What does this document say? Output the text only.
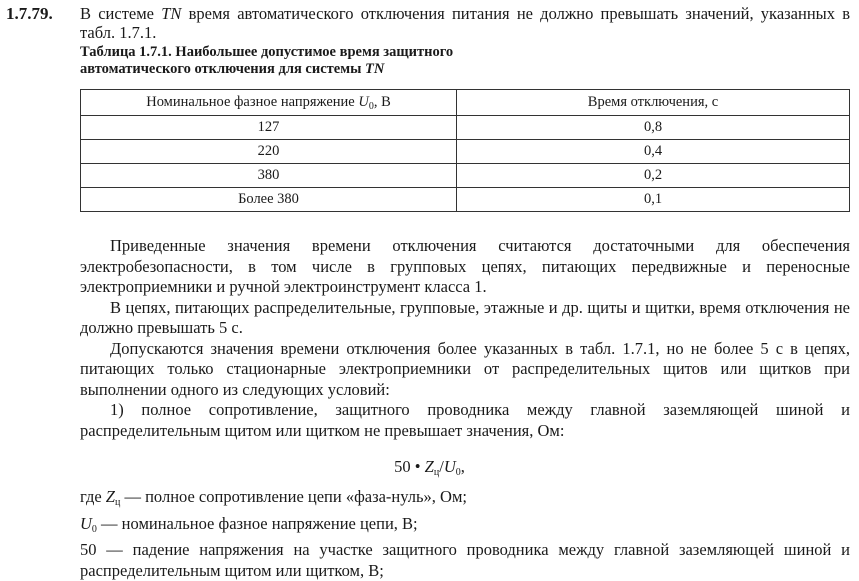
1.7.79. В системе TN время автоматического отключения питания не должно превышать значений, указанных в табл. 1.7.1.
Таблица 1.7.1. Наибольшее допустимое время защитного
автоматического отключения для системы TN
Номинальное фазное напряжение $U_0$, В	Время отключения, с
127	0,8
220	0,4
380	0,2
Более 380	0,1

Приведенные значения времени отключения считаются достаточными для обеспечения электробезопасности, в том числе в групповых цепях, питающих передвижные и переносные электроприемники и ручной электроинструмент класса 1.

В цепях, питающих распределительные, групповые, этажные и др. щиты и щитки, время отключения не должно превышать 5 с.

Допускаются значения времени отключения более указанных в табл. 1.7.1, но не более 5 с в цепях, питающих только стационарные электроприемники от распределительных щитов или щитков при выполнении одного из следующих условий:

1) полное сопротивление, защитного проводника между главной заземляющей шиной и распределительным щитом или щитком не превышает значения, Ом:

50 • $Z_ц/U_0$,

где $Z_ц$ — полное сопротивление цепи «фаза-нуль», Ом;

$U_0$ — номинальное фазное напряжение цепи, В;

50 — падение напряжения на участке защитного проводника между главной заземляющей шиной и распределительным щитом или щитком, В;
